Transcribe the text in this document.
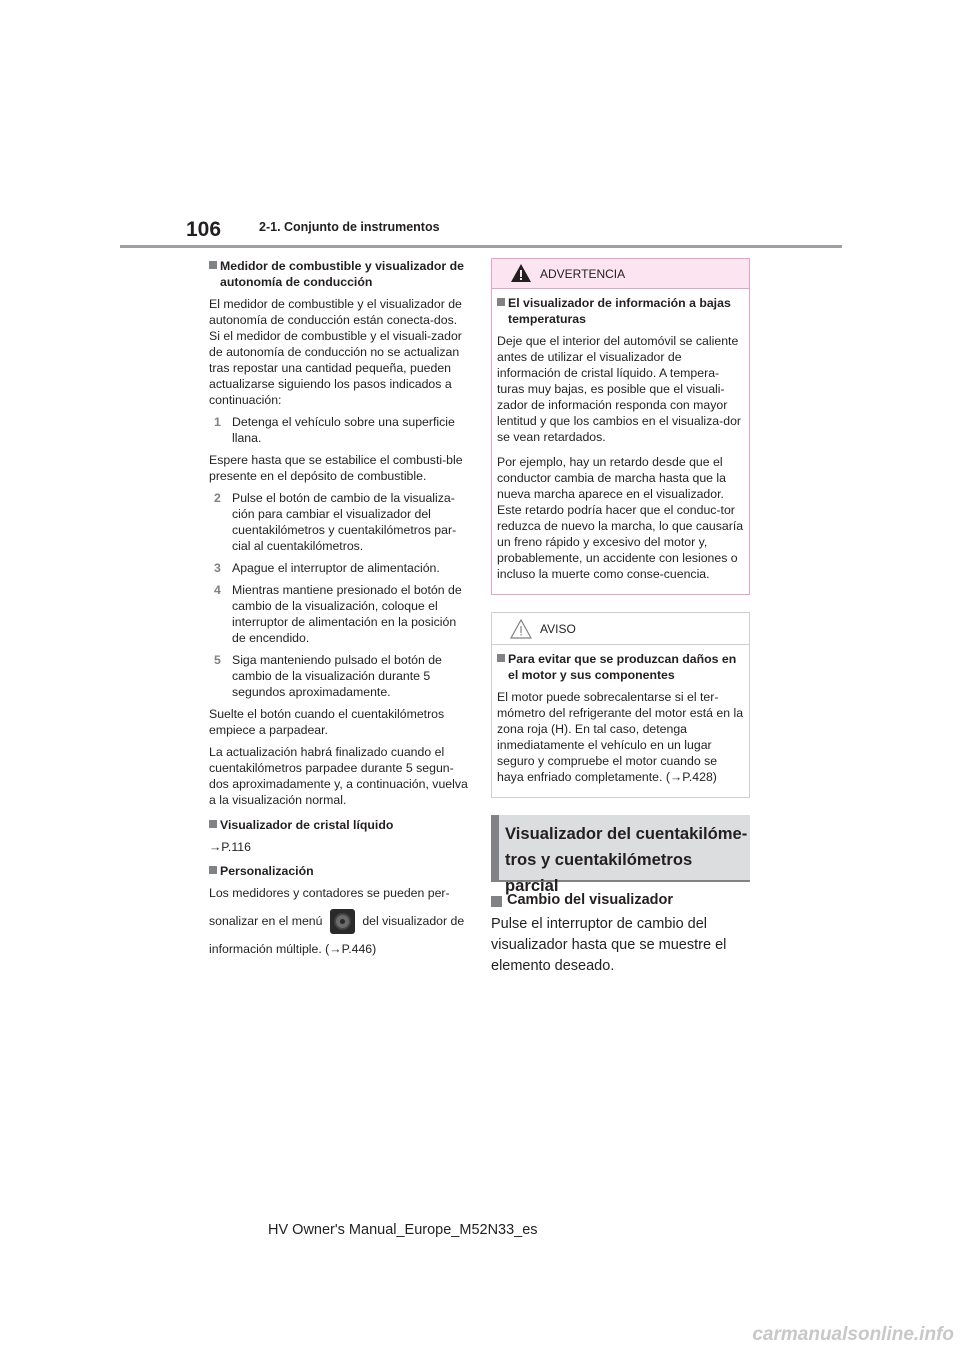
106	2-1. Conjunto de instrumentos
Medidor de combustible y visualizador de autonomía de conducción
El medidor de combustible y el visualizador de autonomía de conducción están conecta-dos. Si el medidor de combustible y el visuali-zador de autonomía de conducción no se actualizan tras repostar una cantidad pequeña, pueden actualizarse siguiendo los pasos indicados a continuación:
1 Detenga el vehículo sobre una superficie llana.
Espere hasta que se estabilice el combusti-ble presente en el depósito de combustible.
2 Pulse el botón de cambio de la visualiza-ción para cambiar el visualizador del cuentakilómetros y cuentakilómetros par-cial al cuentakilómetros.
3 Apague el interruptor de alimentación.
4 Mientras mantiene presionado el botón de cambio de la visualización, coloque el interruptor de alimentación en la posición de encendido.
5 Siga manteniendo pulsado el botón de cambio de la visualización durante 5 segundos aproximadamente.
Suelte el botón cuando el cuentakilómetros empiece a parpadear.
La actualización habrá finalizado cuando el cuentakilómetros parpadee durante 5 segun-dos aproximadamente y, a continuación, vuelva a la visualización normal.
Visualizador de cristal líquido
→P.116
Personalización
Los medidores y contadores se pueden per-
sonalizar en el menú	del visualizador de
información múltiple. (→P.446)
ADVERTENCIA
El visualizador de información a bajas temperaturas
Deje que el interior del automóvil se caliente antes de utilizar el visualizador de información de cristal líquido. A tempera-turas muy bajas, es posible que el visuali-zador de información responda con mayor lentitud y que los cambios en el visualiza-dor se vean retardados.
Por ejemplo, hay un retardo desde que el conductor cambia de marcha hasta que la nueva marcha aparece en el visualizador. Este retardo podría hacer que el conduc-tor reduzca de nuevo la marcha, lo que causaría un freno rápido y excesivo del motor y, probablemente, un accidente con lesiones o incluso la muerte como conse-cuencia.
AVISO
Para evitar que se produzcan daños en el motor y sus componentes
El motor puede sobrecalentarse si el ter-mómetro del refrigerante del motor está en la zona roja (H). En tal caso, detenga inmediatamente el vehículo en un lugar seguro y compruebe el motor cuando se haya enfriado completamente. (→P.428)
Visualizador del cuentakilóme-
tros y cuentakilómetros parcial
Cambio del visualizador
Pulse el interruptor de cambio del visualizador hasta que se muestre el elemento deseado.
HV Owner's Manual_Europe_M52N33_es
carmanualsonline.info
